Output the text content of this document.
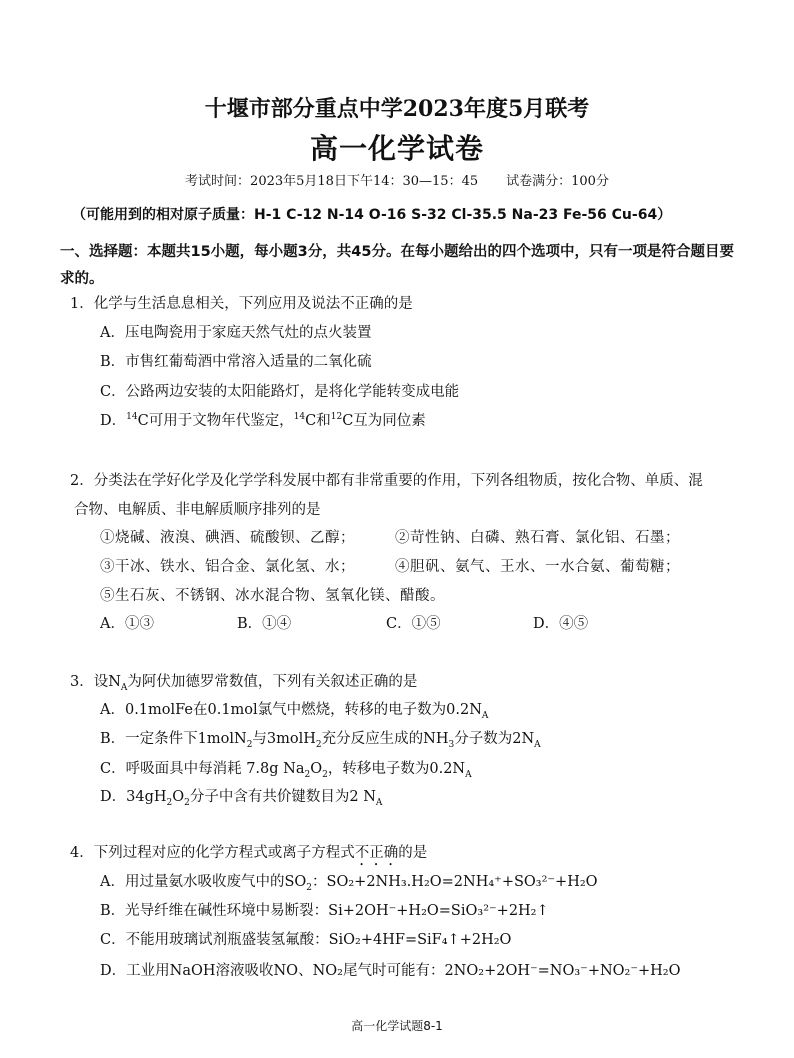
十堰市部分重点中学2023年度5月联考
高一化学试卷
考试时间：2023年5月18日下午14：30—15：45 试卷满分：100分
（可能用到的相对原子质量：H-1 C-12 N-14 O-16 S-32 Cl-35.5 Na-23 Fe-56 Cu-64）
一、选择题：本题共15小题，每小题3分，共45分。在每小题给出的四个选项中，只有一项是符合题目要求的。
1．化学与生活息息相关，下列应用及说法不正确的是
A．压电陶瓷用于家庭天然气灶的点火装置
B．市售红葡萄酒中常溶入适量的二氧化硫
C．公路两边安装的太阳能路灯，是将化学能转变成电能
D．$^{14}$C可用于文物年代鉴定，$^{14}$C和$^{12}$C互为同位素
2．分类法在学好化学及化学学科发展中都有非常重要的作用，下列各组物质，按化合物、单质、混
合物、电解质、非电解质顺序排列的是
①烧碱、液溴、碘酒、硫酸钡、乙醇；	②苛性钠、白磷、熟石膏、氯化铝、石墨；
③干冰、铁水、铝合金、氯化氢、水；	④胆矾、氨气、王水、一水合氨、葡萄糖；
⑤生石灰、不锈钢、冰水混合物、氢氧化镁、醋酸。
A．①③	B．①④	C．①⑤	D．④⑤
3．设$N_A$为阿伏加德罗常数值，下列有关叙述正确的是
A．0.1molFe在0.1mol氯气中燃烧，转移的电子数为$0.2N_A$
B．一定条件下1molN$_2$与3molH$_2$充分反应生成的$NH_3$分子数为$2N_A$
C．呼吸面具中每消耗 7.8g $Na_2O_2$，转移电子数为$0.2N_A$
D．$34gH_2O_2$分子中含有共价键数目为2 $N_A$
4．下列过程对应的化学方程式或离子方程式不正确的是
A．用过量氨水吸收废气中的$SO_2$：SO₂+2NH₃.H₂O=2NH₄⁺+SO₃²⁻+H₂O
B．光导纤维在碱性环境中易断裂：Si+2OH⁻+H₂O=SiO₃²⁻+2H₂↑
C．不能用玻璃试剂瓶盛装氢氟酸：SiO₂+4HF=SiF₄↑+2H₂O
D．工业用NaOH溶液吸收NO、NO₂尾气时可能有：2NO₂+2OH⁻=NO₃⁻+NO₂⁻+H₂O
高一化学试题8-1
